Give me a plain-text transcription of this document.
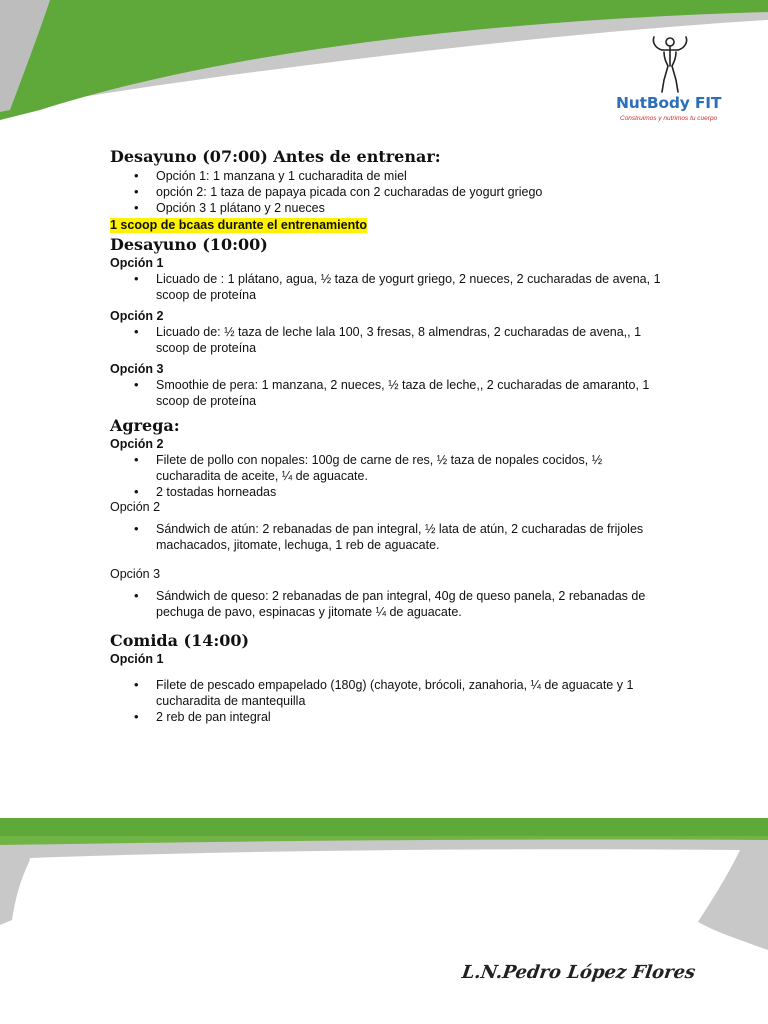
NutBody FIT
Construimos y nutrimos tu cuerpo
Desayuno (07:00) Antes de entrenar:
• Opción 1: 1 manzana y 1 cucharadita de miel
• opción 2: 1 taza de papaya picada con 2 cucharadas de yogurt griego
• Opción 3 1 plátano y 2 nueces
1 scoop de bcaas durante el entrenamiento
Desayuno (10:00)

Opción 1

• Licuado de : 1 plátano, agua, ½ taza de yogurt griego, 2 nueces, 2 cucharadas de avena, 1 scoop de proteína

Opción 2

• Licuado de: ½ taza de leche lala 100, 3 fresas, 8 almendras, 2 cucharadas de avena,, 1 scoop de proteína

Opción 3

• Smoothie de pera: 1 manzana, 2 nueces, ½ taza de leche,, 2 cucharadas de amaranto, 1 scoop de proteína
Agrega:

Opción 2

• Filete de pollo con nopales: 100g de carne de res, ½ taza de nopales cocidos, ½ cucharadita de aceite, ¼ de aguacate.
• 2 tostadas horneadas

Opción 2

• Sándwich de atún: 2 rebanadas de pan integral, ½ lata de atún, 2 cucharadas de frijoles machacados, jitomate, lechuga, 1 reb de aguacate.

Opción 3

• Sándwich de queso: 2 rebanadas de pan integral, 40g de queso panela, 2 rebanadas de pechuga de pavo, espinacas y jitomate ¼ de aguacate.
Comida (14:00)

Opción 1

• Filete de pescado empapelado (180g) (chayote, brócoli, zanahoria, ¼ de aguacate y 1 cucharadita de mantequilla
• 2 reb de pan integral
L.N.Pedro López Flores
